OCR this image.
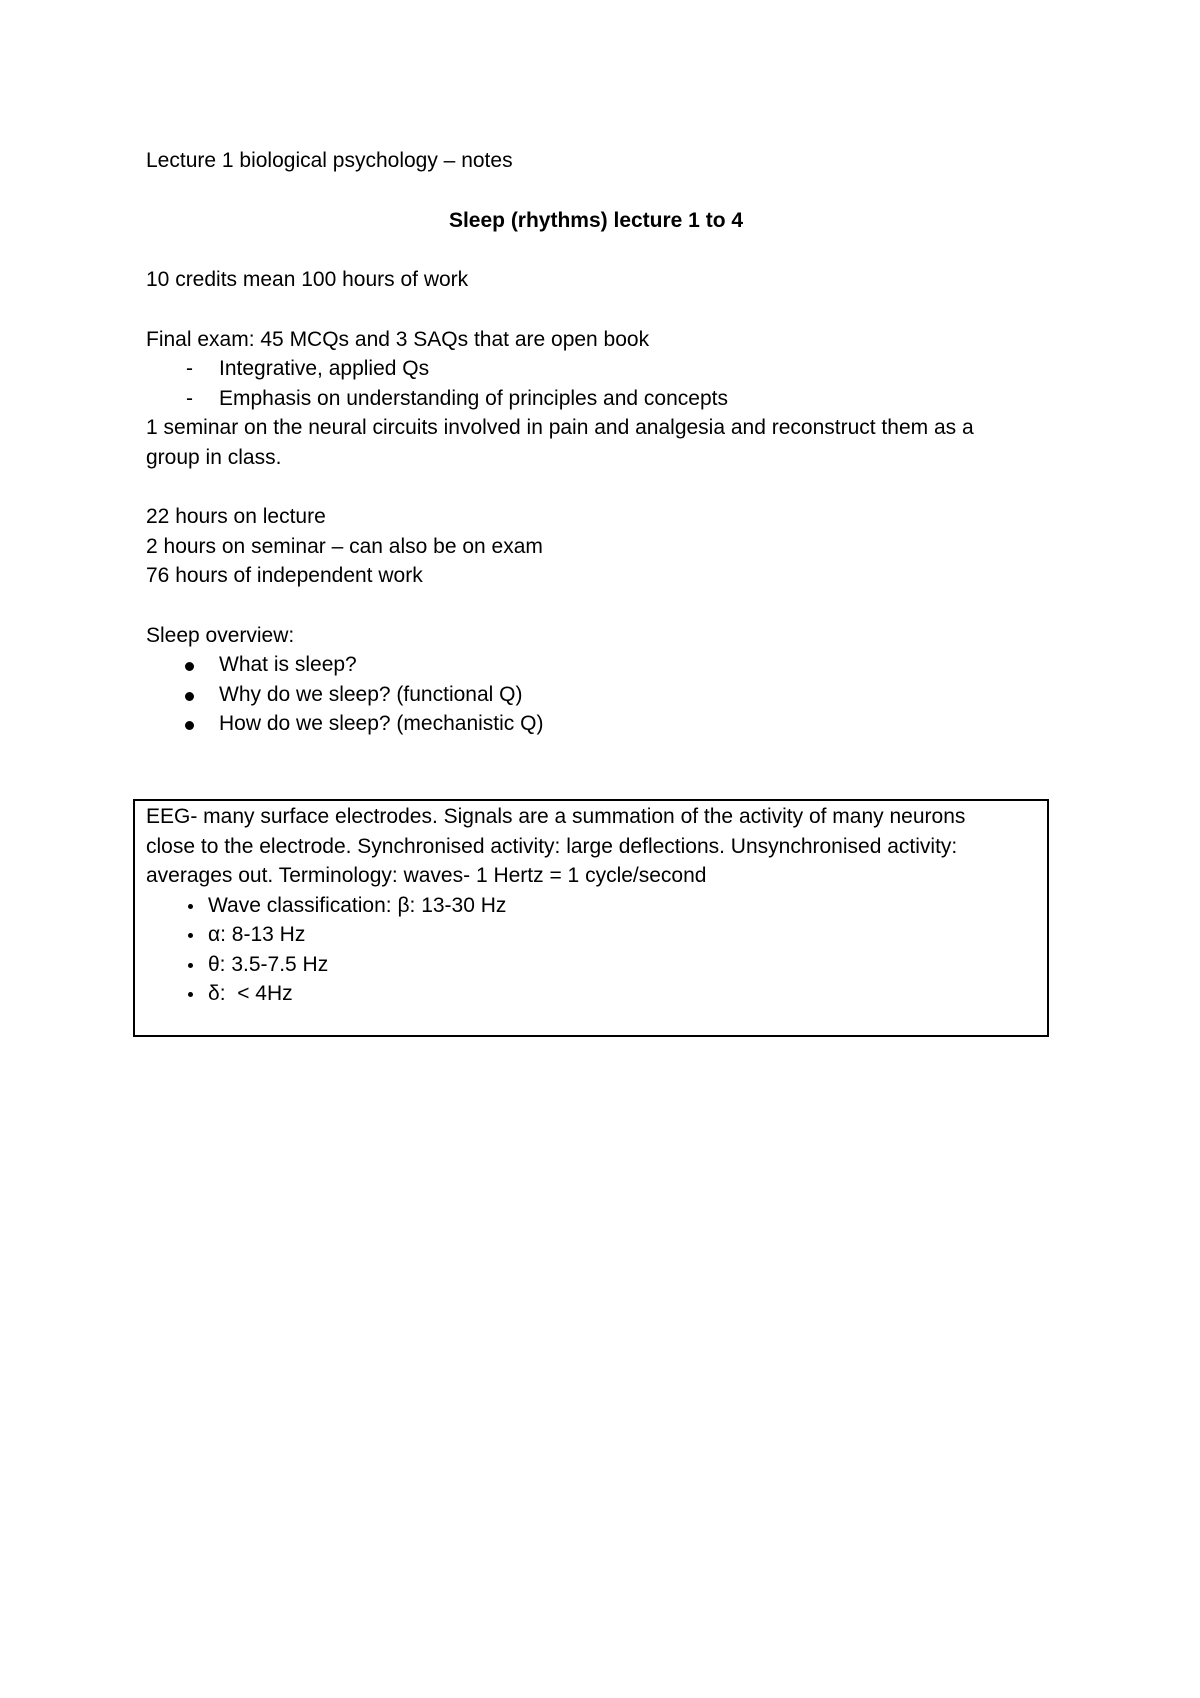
Lecture 1 biological psychology – notes

Sleep (rhythms) lecture 1 to 4

10 credits mean 100 hours of work

Final exam: 45 MCQs and 3 SAQs that are open book

- Integrative, applied Qs
- Emphasis on understanding of principles and concepts

1 seminar on the neural circuits involved in pain and analgesia and reconstruct them as a

group in class.

22 hours on lecture

2 hours on seminar – can also be on exam

76 hours of independent work

Sleep overview:

What is sleep?
Why do we sleep? (functional Q)
How do we sleep? (mechanistic Q)

EEG- many surface electrodes. Signals are a summation of the activity of many neurons

close to the electrode. Synchronised activity: large deflections. Unsynchronised activity:

averages out. Terminology: waves- 1 Hertz = 1 cycle/second

Wave classification: β: 13-30 Hz
α: 8-13 Hz
θ: 3.5-7.5 Hz
δ:  < 4Hz
